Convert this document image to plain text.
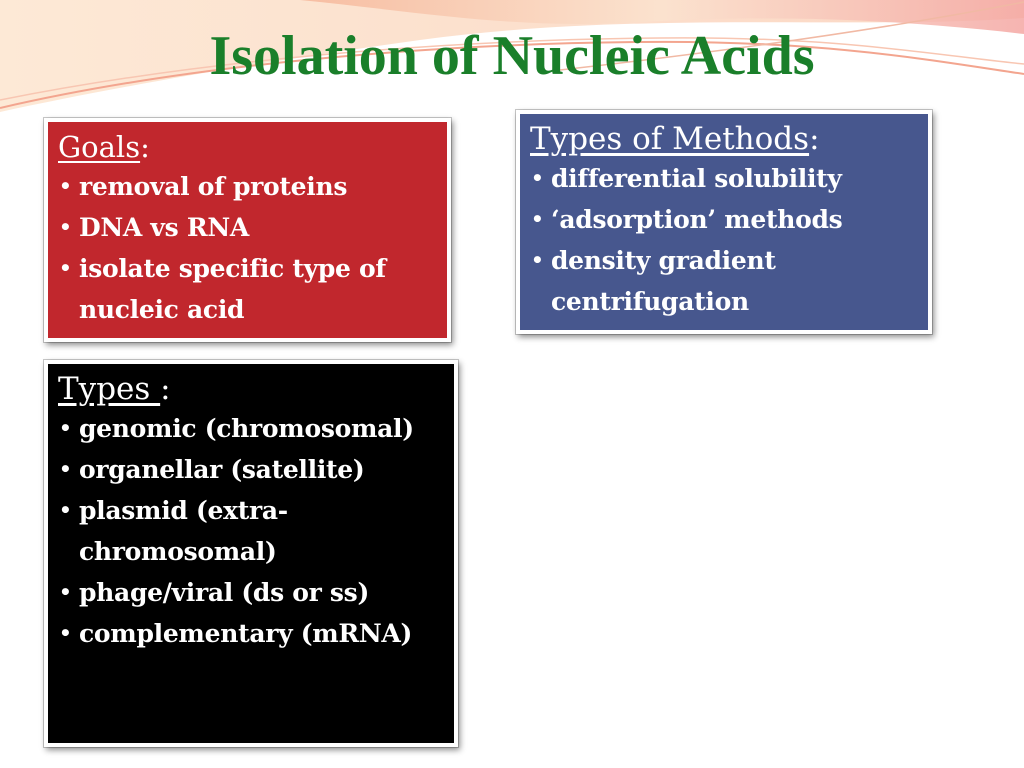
Isolation of Nucleic Acids
Goals:
• removal of proteins
• DNA vs RNA
• isolate specific type of nucleic acid
Types of Methods:
• differential solubility
• ‘adsorption’ methods
• density gradient centrifugation
Types :
• genomic (chromosomal)
• organellar (satellite)
• plasmid (extra-chromosomal)
• phage/viral (ds or ss)
• complementary (mRNA)
